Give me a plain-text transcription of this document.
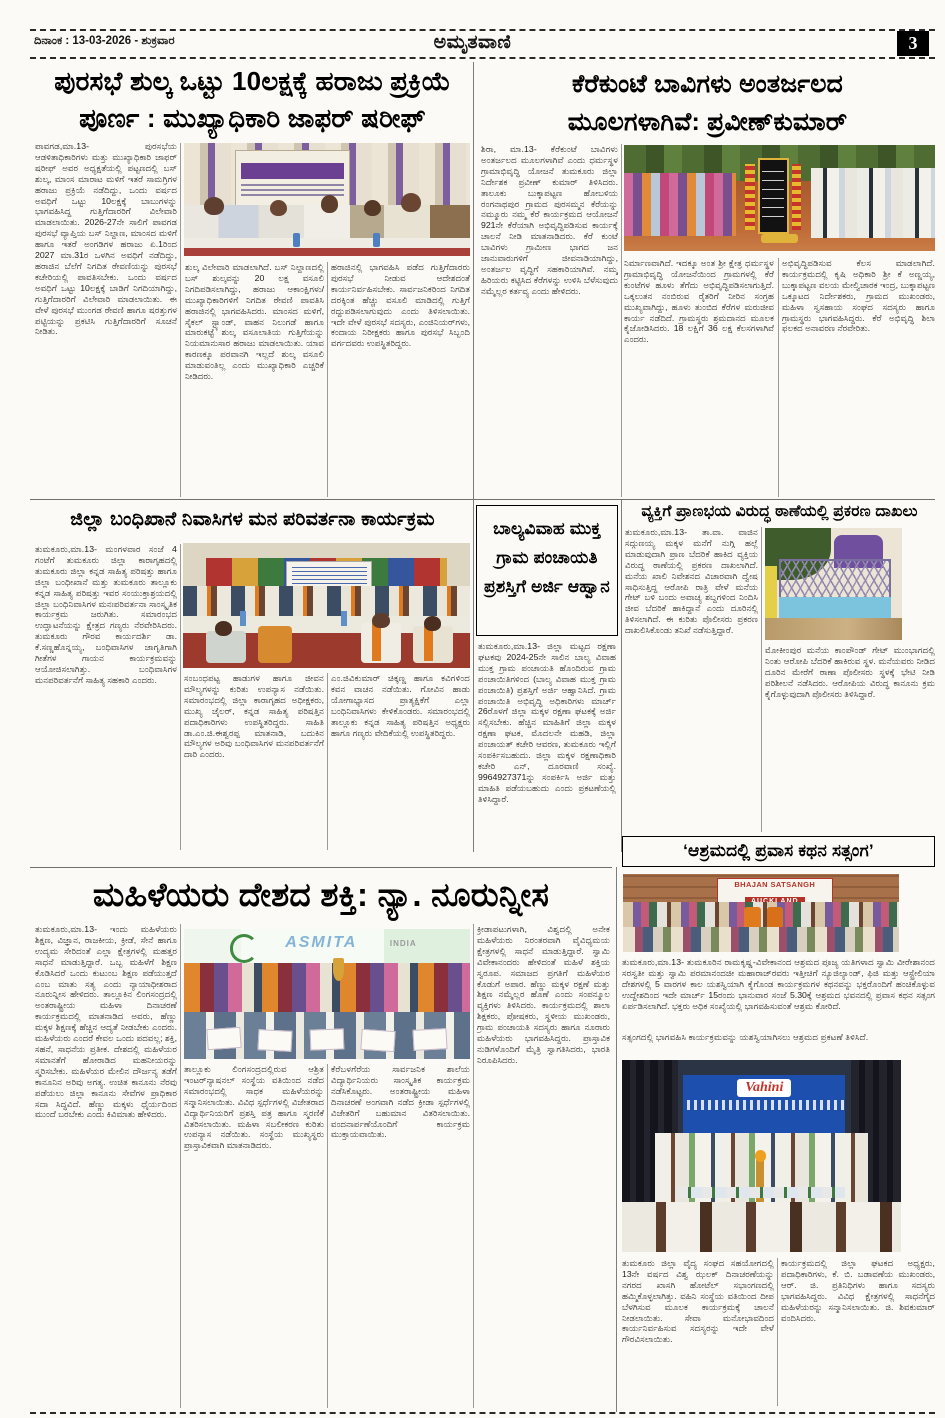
ದಿನಾಂಕ : 13-03-2026 - ಶುಕ್ರವಾರ	ಅಮೃತವಾಣಿ	3
ಪುರಸಭೆ ಶುಲ್ಕ ಒಟ್ಟು 10ಲಕ್ಷಕ್ಕೆ ಹರಾಜು ಪ್ರಕ್ರಿಯೆ
ಪೂರ್ಣ : ಮುಖ್ಯಾಧಿಕಾರಿ ಜಾಫರ್ ಷರೀಫ್
ಪಾವಗಡ,ಮಾ.13- ಪುರಸಭೆಯ ಆಡಳಿತಾಧಿಕಾರಿಗಳು ಮತ್ತು ಮುಖ್ಯಾಧಿಕಾರಿ ಜಾಫರ್ ಷರೀಫ್ ಅವರ ಅಧ್ಯಕ್ಷತೆಯಲ್ಲಿ ಪಟ್ಟಣದಲ್ಲಿ ಬಸ್ ಶುಲ್ಕ, ಮಾಂಸ ಮಾರಾಟ ಮಳಿಗೆ ಇತರೆ ಸಾಮಗ್ರಿಗಳ ಹರಾಜು ಪ್ರಕ್ರಿಯೆ ನಡೆದಿದ್ದು, ಒಂದು ವರ್ಷದ ಅವಧಿಗೆ ಒಟ್ಟು 10ಲಕ್ಷಕ್ಕೆ ಬಾಬುಗಳನ್ನು ಭಾಗವಹಿಸಿದ್ದ ಗುತ್ತಿಗೆದಾರರಿಗೆ ವಿಲೇವಾರಿ ಮಾಡಲಾಯಿತು. 2026-27ನೇ ಸಾಲಿಗೆ ಪಾವಗಡ ಪುರಸಭೆ ವ್ಯಾಪ್ತಿಯ ಬಸ್ ನಿಲ್ದಾಣ, ಮಾಂಸದ ಮಳಿಗೆ ಹಾಗೂ ಇತರೆ ಅಂಗಡಿಗಳ ಹರಾಜು ಏ.1ರಿಂದ 2027 ಮಾ.31ರ ಒಳಗಿನ ಅವಧಿಗೆ ನಡೆದಿದ್ದು, ಹರಾಜಿನ ಬೆಲೆಗೆ ನಿಗದಿತ ಠೇವಣಿಯನ್ನು ಪುರಸಭೆ ಕಚೇರಿಯಲ್ಲಿ ಪಾವತಿಸಬೇಕು. ಒಂದು ವರ್ಷದ ಅವಧಿಗೆ ಒಟ್ಟು 10ಲಕ್ಷಕ್ಕೆ ಬಾಡಿಗೆ ನಿಗದಿಯಾಗಿದ್ದು, ಗುತ್ತಿಗೆದಾರರಿಗೆ ವಿಲೇವಾರಿ ಮಾಡಲಾಯಿತು. ಈ ವೇಳೆ ಪುರಸಭೆ ಮುಂಗಡ ಠೇವಣಿ ಹಾಗೂ ಷರತ್ತುಗಳ ಪಟ್ಟಿಯನ್ನು ಪ್ರಕಟಿಸಿ ಗುತ್ತಿಗೆದಾರರಿಗೆ ಸೂಚನೆ ನೀಡಿತು.
ಶುಲ್ಕ ವಿಲೇವಾರಿ ಮಾಡಲಾಗಿದೆ. ಬಸ್ ನಿಲ್ದಾಣದಲ್ಲಿ ಬಸ್ ಶುಲ್ಕವನ್ನು 20 ಲಕ್ಷ ವಸೂಲಿ ನಿಗದಿಪಡಿಸಲಾಗಿದ್ದು, ಹರಾಜು ಆಕಾಂಕ್ಷಿಗಳು/ ಮುಖ್ಯಾಧಿಕಾರಿಗಳಿಗೆ ನಿಗದಿತ ಠೇವಣಿ ಪಾವತಿಸಿ ಹರಾಜಿನಲ್ಲಿ ಭಾಗವಹಿಸಿದರು. ಮಾಂಸದ ಮಳಿಗೆ, ಸೈಕಲ್ ಸ್ಟ್ಯಾಂಡ್, ವಾಹನ ನಿಲುಗಡೆ ಹಾಗೂ ಮಾರುಕಟ್ಟೆ ಶುಲ್ಕ ವಸೂಲಾತಿಯ ಗುತ್ತಿಗೆಯನ್ನು ನಿಯಮಾನುಸಾರ ಹರಾಜು ಮಾಡಲಾಯಿತು. ಯಾವ ಕಾರಣಕ್ಕೂ ಪರವಾನಗಿ ಇಲ್ಲದೆ ಶುಲ್ಕ ವಸೂಲಿ ಮಾಡುವಂತಿಲ್ಲ ಎಂದು ಮುಖ್ಯಾಧಿಕಾರಿ ಎಚ್ಚರಿಕೆ ನೀಡಿದರು.
ಹರಾಜಿನಲ್ಲಿ ಭಾಗವಹಿಸಿ ಪಡೆದ ಗುತ್ತಿಗೆದಾರರು ಪುರಸಭೆ ನೀಡುವ ಆದೇಶದಂತೆ ಕಾರ್ಯನಿರ್ವಹಿಸಬೇಕು. ಸಾರ್ವಜನಿಕರಿಂದ ನಿಗದಿತ ದರಕ್ಕಿಂತ ಹೆಚ್ಚು ವಸೂಲಿ ಮಾಡಿದಲ್ಲಿ ಗುತ್ತಿಗೆ ರದ್ದುಪಡಿಸಲಾಗುವುದು ಎಂದು ತಿಳಿಸಲಾಯಿತು. ಇದೇ ವೇಳೆ ಪುರಸಭೆ ಸದಸ್ಯರು, ಎಂಜಿನಿಯರ್‌ಗಳು, ಕಂದಾಯ ನಿರೀಕ್ಷಕರು ಹಾಗೂ ಪುರಸಭೆ ಸಿಬ್ಬಂದಿ ವರ್ಗದವರು ಉಪಸ್ಥಿತರಿದ್ದರು.
ಕೆರೆಕುಂಟೆ ಬಾವಿಗಳು ಅಂತರ್ಜಲದ
ಮೂಲಗಳಾಗಿವೆ: ಪ್ರವೀಣ್‌ಕುಮಾರ್
ಶಿರಾ, ಮಾ.13- ಕೆರೆಕುಂಟೆ ಬಾವಿಗಳು ಅಂತರ್ಜಲದ ಮೂಲಗಳಾಗಿವೆ ಎಂದು ಧರ್ಮಸ್ಥಳ ಗ್ರಾಮಾಭಿವೃದ್ಧಿ ಯೋಜನೆ ತುಮಕೂರು ಜಿಲ್ಲಾ ನಿರ್ದೇಶಕ ಪ್ರವೀಣ್ ಕುಮಾರ್ ತಿಳಿಸಿದರು. ತಾಲೂಕು ಬುಕ್ಕಾಪಟ್ಟಣ ಹೋಬಳಿಯ ರಂಗನಾಥಪುರ ಗ್ರಾಮದ ಪುರಸಮ್ಮನ ಕೆರೆಯನ್ನು ನಮ್ಮೂರು ನಮ್ಮ ಕೆರೆ ಕಾರ್ಯಕ್ರಮದ ಆಯೋಜನೆ 921ನೇ ಕೆರೆಯಾಗಿ ಅಭಿವೃದ್ಧಿಪಡಿಸುವ ಕಾರ್ಯಕ್ಕೆ ಚಾಲನೆ ನೀಡಿ ಮಾತನಾಡಿದರು. ಕೆರೆ ಕುಂಟೆ ಬಾವಿಗಳು ಗ್ರಾಮೀಣ ಭಾಗದ ಜನ ಜಾನುವಾರುಗಳಿಗೆ ಜೀವನಾಡಿಯಾಗಿದ್ದು, ಅಂತರ್ಜಲ ವೃದ್ಧಿಗೆ ಸಹಕಾರಿಯಾಗಿವೆ. ನಮ್ಮ ಹಿರಿಯರು ಕಟ್ಟಿಸಿದ ಕೆರೆಗಳನ್ನು ಉಳಿಸಿ ಬೆಳೆಸುವುದು ನಮ್ಮೆಲ್ಲರ ಕರ್ತವ್ಯ ಎಂದು ಹೇಳಿದರು.
ನಿರ್ಮಾಣವಾಗಿದೆ. ಇದಕ್ಕೂ ಅಂತ ಶ್ರೀ ಕ್ಷೇತ್ರ ಧರ್ಮಸ್ಥಳ ಗ್ರಾಮಾಭಿವೃದ್ಧಿ ಯೋಜನೆಯಿಂದ ಗ್ರಾಮಗಳಲ್ಲಿ ಕೆರೆ ಕುಂಟೆಗಳ ಹೂಳು ತೆಗೆದು ಅಭಿವೃದ್ಧಿಪಡಿಸಲಾಗುತ್ತಿದೆ. ಒಕ್ಕಲುತನ ನಂಬಿರುವ ರೈತರಿಗೆ ನೀರಿನ ಸಂಗ್ರಹ ಮುಖ್ಯವಾಗಿದ್ದು, ಹೂಳು ತುಂಬಿದ ಕೆರೆಗಳ ಮರುಜೀವ ಕಾರ್ಯ ನಡೆದಿದೆ. ಗ್ರಾಮಸ್ಥರು ಶ್ರಮದಾನದ ಮೂಲಕ ಕೈಜೋಡಿಸಿದರು. 18 ಲಕ್ಷಿಗೆ 36 ಲಕ್ಷ ಕೆಲಸಗಳಾಗಿವೆ ಎಂದರು.
ಅಭಿವೃದ್ಧಿಪಡಿಸುವ ಕೆಲಸ ಮಾಡಲಾಗಿದೆ. ಕಾರ್ಯಕ್ರಮದಲ್ಲಿ ಕೃಷಿ ಅಧಿಕಾರಿ ಶ್ರೀ ಕೆ ಅಣ್ಣಯ್ಯ, ಬುಕ್ಕಾಪಟ್ಟಣ ವಲಯ ಮೇಲ್ವಿಚಾರಕ ಇಂದ್ರ, ಬುಕ್ಕಾಪಟ್ಟಣ ಒಕ್ಕೂಟದ ನಿರ್ದೇಶಕರು, ಗ್ರಾಮದ ಮುಖಂಡರು, ಮಹಿಳಾ ಸ್ವಸಹಾಯ ಸಂಘದ ಸದಸ್ಯರು ಹಾಗೂ ಗ್ರಾಮಸ್ಥರು ಭಾಗವಹಿಸಿದ್ದರು. ಕೆರೆ ಅಭಿವೃದ್ಧಿ ಶಿಲಾ ಫಲಕದ ಅನಾವರಣ ನೆರವೇರಿತು.
ಜಿಲ್ಲಾ ಬಂಧಿಖಾನೆ ನಿವಾಸಿಗಳ ಮನ ಪರಿವರ್ತನಾ ಕಾರ್ಯಕ್ರಮ
ತುಮಕೂರು,ಮಾ.13- ಮಂಗಳವಾರ ಸಂಜೆ 4 ಗಂಟೆಗೆ ತುಮಕೂರು ಜಿಲ್ಲಾ ಕಾರಾಗೃಹದಲ್ಲಿ ತುಮಕೂರು ಜಿಲ್ಲಾ ಕನ್ನಡ ಸಾಹಿತ್ಯ ಪರಿಷತ್ತು ಹಾಗೂ ಜಿಲ್ಲಾ ಬಂಧೀಖಾನೆ ಮತ್ತು ತುಮಕೂರು ತಾಲ್ಲೂಕು ಕನ್ನಡ ಸಾಹಿತ್ಯ ಪರಿಷತ್ತು ಇವರ ಸಂಯುಕ್ತಾಶ್ರಯದಲ್ಲಿ ಜಿಲ್ಲಾ ಬಂಧಿನಿವಾಸಿಗಳ ಮನಃಪರಿವರ್ತನಾ ಸಾಂಸ್ಕೃತಿಕ ಕಾರ್ಯಕ್ರಮ ಜರುಗಿತು. ಸಮಾರಂಭದ ಉದ್ಘಾಟನೆಯನ್ನು ಕ್ಷೇತ್ರದ ಗಣ್ಯರು ನೆರವೇರಿಸಿದರು. ತುಮಕೂರು ಗೌರವ ಕಾರ್ಯದರ್ಶಿ ಡಾ. ಕೆ.ಸಣ್ಣಹೊನ್ನಯ್ಯ, ಬಂಧಿವಾಸಿಗಳ ಜಾಗೃತಿಗಾಗಿ ಗೀತೆಗಳ ಗಾಯನ ಕಾರ್ಯಕ್ರಮವನ್ನು ಆಯೋಜಿಸಲಾಗಿತ್ತು. ಬಂಧಿವಾಸಿಗಳ ಮನಪರಿವರ್ತನೆಗೆ ಸಾಹಿತ್ಯ ಸಹಕಾರಿ ಎಂದರು.	ಸಂಬಂಧಪಟ್ಟ ಹಾಡುಗಳ ಹಾಗೂ ಜೀವನ ಮೌಲ್ಯಗಳನ್ನು ಕುರಿತು ಉಪನ್ಯಾಸ ನಡೆಯಿತು. ಸಮಾರಂಭದಲ್ಲಿ ಜಿಲ್ಲಾ ಕಾರಾಗೃಹದ ಅಧೀಕ್ಷಕರು, ಮುಖ್ಯ ಜೈಲರ್, ಕನ್ನಡ ಸಾಹಿತ್ಯ ಪರಿಷತ್ತಿನ ಪದಾಧಿಕಾರಿಗಳು ಉಪಸ್ಥಿತರಿದ್ದರು. ಸಾಹಿತಿ ಡಾ.ಎಂ.ಜಿ.ಈಶ್ವರಪ್ಪ ಮಾತನಾಡಿ, ಬದುಕಿನ ಮೌಲ್ಯಗಳ ಅರಿವು ಬಂಧಿವಾಸಿಗಳ ಮನಪರಿವರ್ತನೆಗೆ ದಾರಿ ಎಂದರು.
ಎಂ.ಜಿವಿಕುಮಾರ್ ಚಿಕ್ಕಣ್ಣ ಹಾಗೂ ಕವಿಗಳಿಂದ ಕವನ ವಾಚನ ನಡೆಯಿತು. ಗೋವಿನ ಹಾಡು ಯೋಗಾಭ್ಯಾಸದ ಪ್ರಾತ್ಯಕ್ಷಿಕೆಗೆ ಎಲ್ಲಾ ಬಂಧಿನಿವಾಸಿಗಳು ಕೇಳಿಕೊಂಡರು. ಸಮಾರಂಭದಲ್ಲಿ ತಾಲ್ಲೂಕು ಕನ್ನಡ ಸಾಹಿತ್ಯ ಪರಿಷತ್ತಿನ ಅಧ್ಯಕ್ಷರು ಹಾಗೂ ಗಣ್ಯರು ವೇದಿಕೆಯಲ್ಲಿ ಉಪಸ್ಥಿತರಿದ್ದರು.
ಬಾಲ್ಯವಿವಾಹ ಮುಕ್ತ ಗ್ರಾಮ ಪಂಚಾಯತಿ ಪ್ರಶಸ್ತಿಗೆ ಅರ್ಜಿ ಆಹ್ವಾನ
ತುಮಕೂರು,ಮಾ.13- ಜಿಲ್ಲಾ ಮಟ್ಟದ ರಕ್ಷಣಾ ಘಟಕವು 2024-25ನೇ ಸಾಲಿನ ಬಾಲ್ಯ ವಿವಾಹ ಮುಕ್ತ ಗ್ರಾಮ ಪಂಚಾಯತಿ ಹೊಂದಿರುವ ಗ್ರಾಮ ಪಂಚಾಯಿತಿಗಳಿಂದ (ಬಾಲ್ಯ ವಿವಾಹ ಮುಕ್ತ ಗ್ರಾಮ ಪಂಚಾಯಿತಿ) ಪ್ರಶಸ್ತಿಗೆ ಅರ್ಜಿ ಆಹ್ವಾನಿಸಿದೆ. ಗ್ರಾಮ ಪಂಚಾಯಿತಿ ಅಭಿವೃದ್ಧಿ ಅಧಿಕಾರಿಗಳು ಮಾರ್ಚ್ 26ರೊಳಗೆ ಜಿಲ್ಲಾ ಮಕ್ಕಳ ರಕ್ಷಣಾ ಘಟಕಕ್ಕೆ ಅರ್ಜಿ ಸಲ್ಲಿಸಬೇಕು. ಹೆಚ್ಚಿನ ಮಾಹಿತಿಗೆ ಜಿಲ್ಲಾ ಮಕ್ಕಳ ರಕ್ಷಣಾ ಘಟಕ, ಮೊದಲನೇ ಮಹಡಿ, ಜಿಲ್ಲಾ ಪಂಚಾಯತ್ ಕಚೇರಿ ಆವರಣ, ತುಮಕೂರು ಇಲ್ಲಿಗೆ ಸಂಪರ್ಕಿಸಬಹುದು. ಜಿಲ್ಲಾ ಮಕ್ಕಳ ರಕ್ಷಣಾಧಿಕಾರಿ ಕಚೇರಿ ಎನ್, ದೂರವಾಣಿ ಸಂಖ್ಯೆ. 9964927371ನ್ನು ಸಂಪರ್ಕಿಸಿ ಅರ್ಜಿ ಮತ್ತು ಮಾಹಿತಿ ಪಡೆಯಬಹುದು ಎಂದು ಪ್ರಕಟಣೆಯಲ್ಲಿ ತಿಳಿಸಿದ್ದಾರೆ.
ವ್ಯಕ್ತಿಗೆ ಪ್ರಾಣಭಯ ವಿರುದ್ಧ ಠಾಣೆಯಲ್ಲಿ ಪ್ರಕರಣ ದಾಖಲು
ತುಮಕೂರು,ಮಾ.13- ತಾ.ವಾ. ವಾಜಿನ ಸದ್ಗುಣಯ್ಯ ಮಕ್ಕಳ ಮನೆಗೆ ನುಗ್ಗಿ ಹಲ್ಲೆ ಮಾಡುವುದಾಗಿ ಪ್ರಾಣ ಬೆದರಿಕೆ ಹಾಕಿದ ವ್ಯಕ್ತಿಯ ವಿರುದ್ಧ ಠಾಣೆಯಲ್ಲಿ ಪ್ರಕರಣ ದಾಖಲಾಗಿದೆ. ಮನೆಯ ಖಾಲಿ ನಿವೇಶನದ ವಿಚಾರವಾಗಿ ದ್ವೇಷ ಸಾಧಿಸುತ್ತಿದ್ದ ಆರೋಪಿ ರಾತ್ರಿ ವೇಳೆ ಮನೆಯ ಗೇಟ್ ಬಳಿ ಬಂದು ಅವಾಚ್ಯ ಶಬ್ದಗಳಿಂದ ನಿಂದಿಸಿ ಜೀವ ಬೆದರಿಕೆ ಹಾಕಿದ್ದಾನೆ ಎಂದು ದೂರಿನಲ್ಲಿ ತಿಳಿಸಲಾಗಿದೆ. ಈ ಕುರಿತು ಪೊಲೀಸರು ಪ್ರಕರಣ ದಾಖಲಿಸಿಕೊಂಡು ತನಿಖೆ ನಡೆಸುತ್ತಿದ್ದಾರೆ.
ಮೋಕೀಂಪುರ ಮನೆಯ ಕಾಂಪೌಂಡ್ ಗೇಟ್ ಮುಂಭಾಗದಲ್ಲಿ ನಿಂತು ಆರೋಪಿ ಬೆದರಿಕೆ ಹಾಕಿರುವ ಸ್ಥಳ. ಮನೆಯವರು ನೀಡಿದ ದೂರಿನ ಮೇರೆಗೆ ಠಾಣಾ ಪೊಲೀಸರು ಸ್ಥಳಕ್ಕೆ ಭೇಟಿ ನೀಡಿ ಪರಿಶೀಲನೆ ನಡೆಸಿದರು. ಆರೋಪಿಯ ವಿರುದ್ಧ ಕಾನೂನು ಕ್ರಮ ಕೈಗೊಳ್ಳುವುದಾಗಿ ಪೊಲೀಸರು ತಿಳಿಸಿದ್ದಾರೆ.
‘ಆಶ್ರಮದಲ್ಲಿ ಪ್ರವಾಸ ಕಥನ ಸತ್ಸಂಗ’
BHAJAN SATSANGH
ತುಮಕೂರು,ಮಾ.13- ತುಮಕೂರಿನ ರಾಮಕೃಷ್ಣ-ವಿವೇಕಾನಂದ ಆಶ್ರಮದ ಪೂಜ್ಯ ಯತಿಗಳಾದ ಸ್ವಾಮಿ ವೀರೇಶಾನಂದ ಸರಸ್ವತೀ ಮತ್ತು ಸ್ವಾಮಿ ಪರಮಾನಂದಜೀ ಮಹಾರಾಜ್‌ರವರು ಇತ್ತೀಚಿಗೆ ನ್ಯೂಜಿಲ್ಯಾಂಡ್, ಫಿಜಿ ಮತ್ತು ಆಸ್ಟ್ರೇಲಿಯಾ ದೇಶಗಳಲ್ಲಿ 5 ವಾರಗಳ ಕಾಲ ಯಶಸ್ವಿಯಾಗಿ ಕೈಗೊಂಡ ಕಾರ್ಯಕ್ರಮಗಳ ಕಥನವನ್ನು ಭಕ್ತರೊಂದಿಗೆ ಹಂಚಿಕೊಳ್ಳುವ ಉದ್ದೇಶದಿಂದ ಇದೇ ಮಾರ್ಚ್ 15ರಂದು ಭಾನುವಾರ ಸಂಜೆ 5.30ಕ್ಕೆ ಆಶ್ರಮದ ಭವನದಲ್ಲಿ ಪ್ರವಾಸ ಕಥನ ಸತ್ಸಂಗ ಏರ್ಪಡಿಸಲಾಗಿದೆ. ಭಕ್ತರು ಅಧಿಕ ಸಂಖ್ಯೆಯಲ್ಲಿ ಭಾಗವಹಿಸುವಂತೆ ಆಶ್ರಮ ಕೋರಿದೆ.
ಸತ್ಸಂಗದಲ್ಲಿ ಭಾಗವಹಿಸಿ ಕಾರ್ಯಕ್ರಮವನ್ನು ಯಶಸ್ವಿಯಾಗಿಸಲು ಆಶ್ರಮದ ಪ್ರಕಟಣೆ ತಿಳಿಸಿದೆ.
Vahini
ತುಮಕೂರು ಜಿಲ್ಲಾ ವೈದ್ಯ ಸಂಘದ ಸಹಯೋಗದಲ್ಲಿ 13ನೇ ವರ್ಷದ ವಿಶ್ವ ಝಲಕ್ ದಿನಾಚರಣೆಯನ್ನು ನಗರದ ಖಾಸಗಿ ಹೋಟೆಲ್ ಸಭಾಂಗಣದಲ್ಲಿ ಹಮ್ಮಿಕೊಳ್ಳಲಾಗಿತ್ತು. ವಹಿನಿ ಸಂಸ್ಥೆಯ ವತಿಯಿಂದ ದೀಪ ಬೆಳಗಿಸುವ ಮೂಲಕ ಕಾರ್ಯಕ್ರಮಕ್ಕೆ ಚಾಲನೆ ನೀಡಲಾಯಿತು. ಸೇವಾ ಮನೋಭಾವದಿಂದ ಕಾರ್ಯನಿರ್ವಹಿಸುವ ಸದಸ್ಯರನ್ನು ಇದೇ ವೇಳೆ ಗೌರವಿಸಲಾಯಿತು.
ಕಾರ್ಯಕ್ರಮದಲ್ಲಿ ಜಿಲ್ಲಾ ಘಟಕದ ಅಧ್ಯಕ್ಷರು, ಪದಾಧಿಕಾರಿಗಳು, ಕೆ. ಬಿ. ಬಡಾವಣೆಯ ಮುಖಂಡರು, ಆರ್. ಜಿ. ಪ್ರತಿನಿಧಿಗಳು ಹಾಗೂ ಸದಸ್ಯರು ಭಾಗವಹಿಸಿದ್ದರು. ವಿವಿಧ ಕ್ಷೇತ್ರಗಳಲ್ಲಿ ಸಾಧನೆಗೈದ ಮಹಿಳೆಯರನ್ನು ಸನ್ಮಾನಿಸಲಾಯಿತು. ಜಿ. ಶಿವಕುಮಾರ್ ವಂದಿಸಿದರು.
ಮಹಿಳೆಯರು ದೇಶದ ಶಕ್ತಿ: ನ್ಯಾ. ನೂರುನ್ನೀಸ
ತುಮಕೂರು,ಮಾ.13- ಇಂದು ಮಹಿಳೆಯರು ಶಿಕ್ಷಣ, ವಿಜ್ಞಾನ, ರಾಜಕೀಯ, ಕ್ರೀಡೆ, ಸೇನೆ ಹಾಗೂ ಉದ್ಯಮ ಸೇರಿದಂತೆ ಎಲ್ಲಾ ಕ್ಷೇತ್ರಗಳಲ್ಲಿ ಮಹತ್ತರ ಸಾಧನೆ ಮಾಡುತ್ತಿದ್ದಾರೆ. ಒಬ್ಬ ಮಹಿಳೆಗೆ ಶಿಕ್ಷಣ ಕೊಡಿಸಿದರೆ ಒಂದು ಕುಟುಂಬ ಶಿಕ್ಷಣ ಪಡೆಯುತ್ತದೆ ಎಂಬ ಮಾತು ಸತ್ಯ ಎಂದು ನ್ಯಾಯಾಧೀಶರಾದ ನೂರುನ್ನೀಸ ಹೇಳಿದರು. ತಾಲ್ಲೂಕಿನ ಲಿಂಗಸಂದ್ರದಲ್ಲಿ ಅಂತರಾಷ್ಟ್ರೀಯ ಮಹಿಳಾ ದಿನಾಚರಣೆ ಕಾರ್ಯಕ್ರಮದಲ್ಲಿ ಮಾತನಾಡಿದ ಅವರು, ಹೆಣ್ಣು ಮಕ್ಕಳ ಶಿಕ್ಷಣಕ್ಕೆ ಹೆಚ್ಚಿನ ಆದ್ಯತೆ ನೀಡಬೇಕು ಎಂದರು. ಮಹಿಳೆಯರು ಎಂದರೆ ಕೇವಲ ಒಂದು ಪದವಲ್ಲ; ಶಕ್ತಿ, ಸಹನೆ, ಸಾಧನೆಯ ಪ್ರತೀಕ. ದೇಶದಲ್ಲಿ ಮಹಿಳೆಯರ ಸಮಾನತೆಗೆ ಹೋರಾಡಿದ ಮಹನೀಯರನ್ನು ಸ್ಮರಿಸಬೇಕು. ಮಹಿಳೆಯರ ಮೇಲಿನ ದೌರ್ಜನ್ಯ ತಡೆಗೆ ಕಾನೂನಿನ ಅರಿವು ಅಗತ್ಯ. ಉಚಿತ ಕಾನೂನು ನೆರವು ಪಡೆಯಲು ಜಿಲ್ಲಾ ಕಾನೂನು ಸೇವೆಗಳ ಪ್ರಾಧಿಕಾರ ಸದಾ ಸಿದ್ಧವಿದೆ. ಹೆಣ್ಣು ಮಕ್ಕಳು ಧೈರ್ಯದಿಂದ ಮುಂದೆ ಬರಬೇಕು ಎಂದು ಕಿವಿಮಾತು ಹೇಳಿದರು.
ASMITA	INDIA
ತಾಲ್ಲೂಕು ಲಿಂಗಸಂದ್ರದಲ್ಲಿರುವ ಆಶ್ರಿತ ಇಂಟರ್‌ನ್ಯಾಷನಲ್ ಸಂಸ್ಥೆಯ ವತಿಯಿಂದ ನಡೆದ ಸಮಾರಂಭದಲ್ಲಿ ಸಾಧಕ ಮಹಿಳೆಯರನ್ನು ಸನ್ಮಾನಿಸಲಾಯಿತು. ವಿವಿಧ ಸ್ಪರ್ಧೆಗಳಲ್ಲಿ ವಿಜೇತರಾದ ವಿದ್ಯಾರ್ಥಿನಿಯರಿಗೆ ಪ್ರಶಸ್ತಿ ಪತ್ರ ಹಾಗೂ ಸ್ಮರಣಿಕೆ ವಿತರಿಸಲಾಯಿತು. ಮಹಿಳಾ ಸಬಲೀಕರಣ ಕುರಿತು ಉಪನ್ಯಾಸ ನಡೆಯಿತು. ಸಂಸ್ಥೆಯ ಮುಖ್ಯಸ್ಥರು ಪ್ರಾಸ್ತಾವಿಕವಾಗಿ ಮಾತನಾಡಿದರು.
ಕೆರೆಬಳಗೆರೆಯ ಸಾರ್ವಜನಿಕ ಶಾಲೆಯ ವಿದ್ಯಾರ್ಥಿನಿಯರು ಸಾಂಸ್ಕೃತಿಕ ಕಾರ್ಯಕ್ರಮ ನಡೆಸಿಕೊಟ್ಟರು. ಅಂತರಾಷ್ಟ್ರೀಯ ಮಹಿಳಾ ದಿನಾಚರಣೆ ಅಂಗವಾಗಿ ನಡೆದ ಕ್ರೀಡಾ ಸ್ಪರ್ಧೆಗಳಲ್ಲಿ ವಿಜೇತರಿಗೆ ಬಹುಮಾನ ವಿತರಿಸಲಾಯಿತು. ವಂದನಾರ್ಪಣೆಯೊಂದಿಗೆ ಕಾರ್ಯಕ್ರಮ ಮುಕ್ತಾಯವಾಯಿತು.
ಕ್ರೀಡಾಪಟುಗಳಾಗಿ, ವಿಶ್ವದಲ್ಲಿ ಅನೇಕ ಮಹಿಳೆಯರು ನಿರಂತರವಾಗಿ ವೈವಿಧ್ಯಮಯ ಕ್ಷೇತ್ರಗಳಲ್ಲಿ ಸಾಧನೆ ಮಾಡುತ್ತಿದ್ದಾರೆ. ಸ್ವಾಮಿ ವಿವೇಕಾನಂದರು ಹೇಳಿದಂತೆ ಮಹಿಳೆ ಶಕ್ತಿಯ ಸ್ವರೂಪ. ಸಮಾಜದ ಪ್ರಗತಿಗೆ ಮಹಿಳೆಯರ ಕೊಡುಗೆ ಅಪಾರ. ಹೆಣ್ಣು ಮಕ್ಕಳ ರಕ್ಷಣೆ ಮತ್ತು ಶಿಕ್ಷಣ ನಮ್ಮೆಲ್ಲರ ಹೊಣೆ ಎಂದು ಸಂಪನ್ಮೂಲ ವ್ಯಕ್ತಿಗಳು ತಿಳಿಸಿದರು. ಕಾರ್ಯಕ್ರಮದಲ್ಲಿ ಶಾಲಾ ಶಿಕ್ಷಕರು, ಪೋಷಕರು, ಸ್ಥಳೀಯ ಮುಖಂಡರು, ಗ್ರಾಮ ಪಂಚಾಯತಿ ಸದಸ್ಯರು ಹಾಗೂ ನೂರಾರು ಮಹಿಳೆಯರು ಭಾಗವಹಿಸಿದ್ದರು. ಪ್ರಾಸ್ತಾವಿಕ ನುಡಿಗಳೊಂದಿಗೆ ಮೈತ್ರಿ ಸ್ವಾಗತಿಸಿದರು, ಭಾರತಿ ನಿರೂಪಿಸಿದರು.
